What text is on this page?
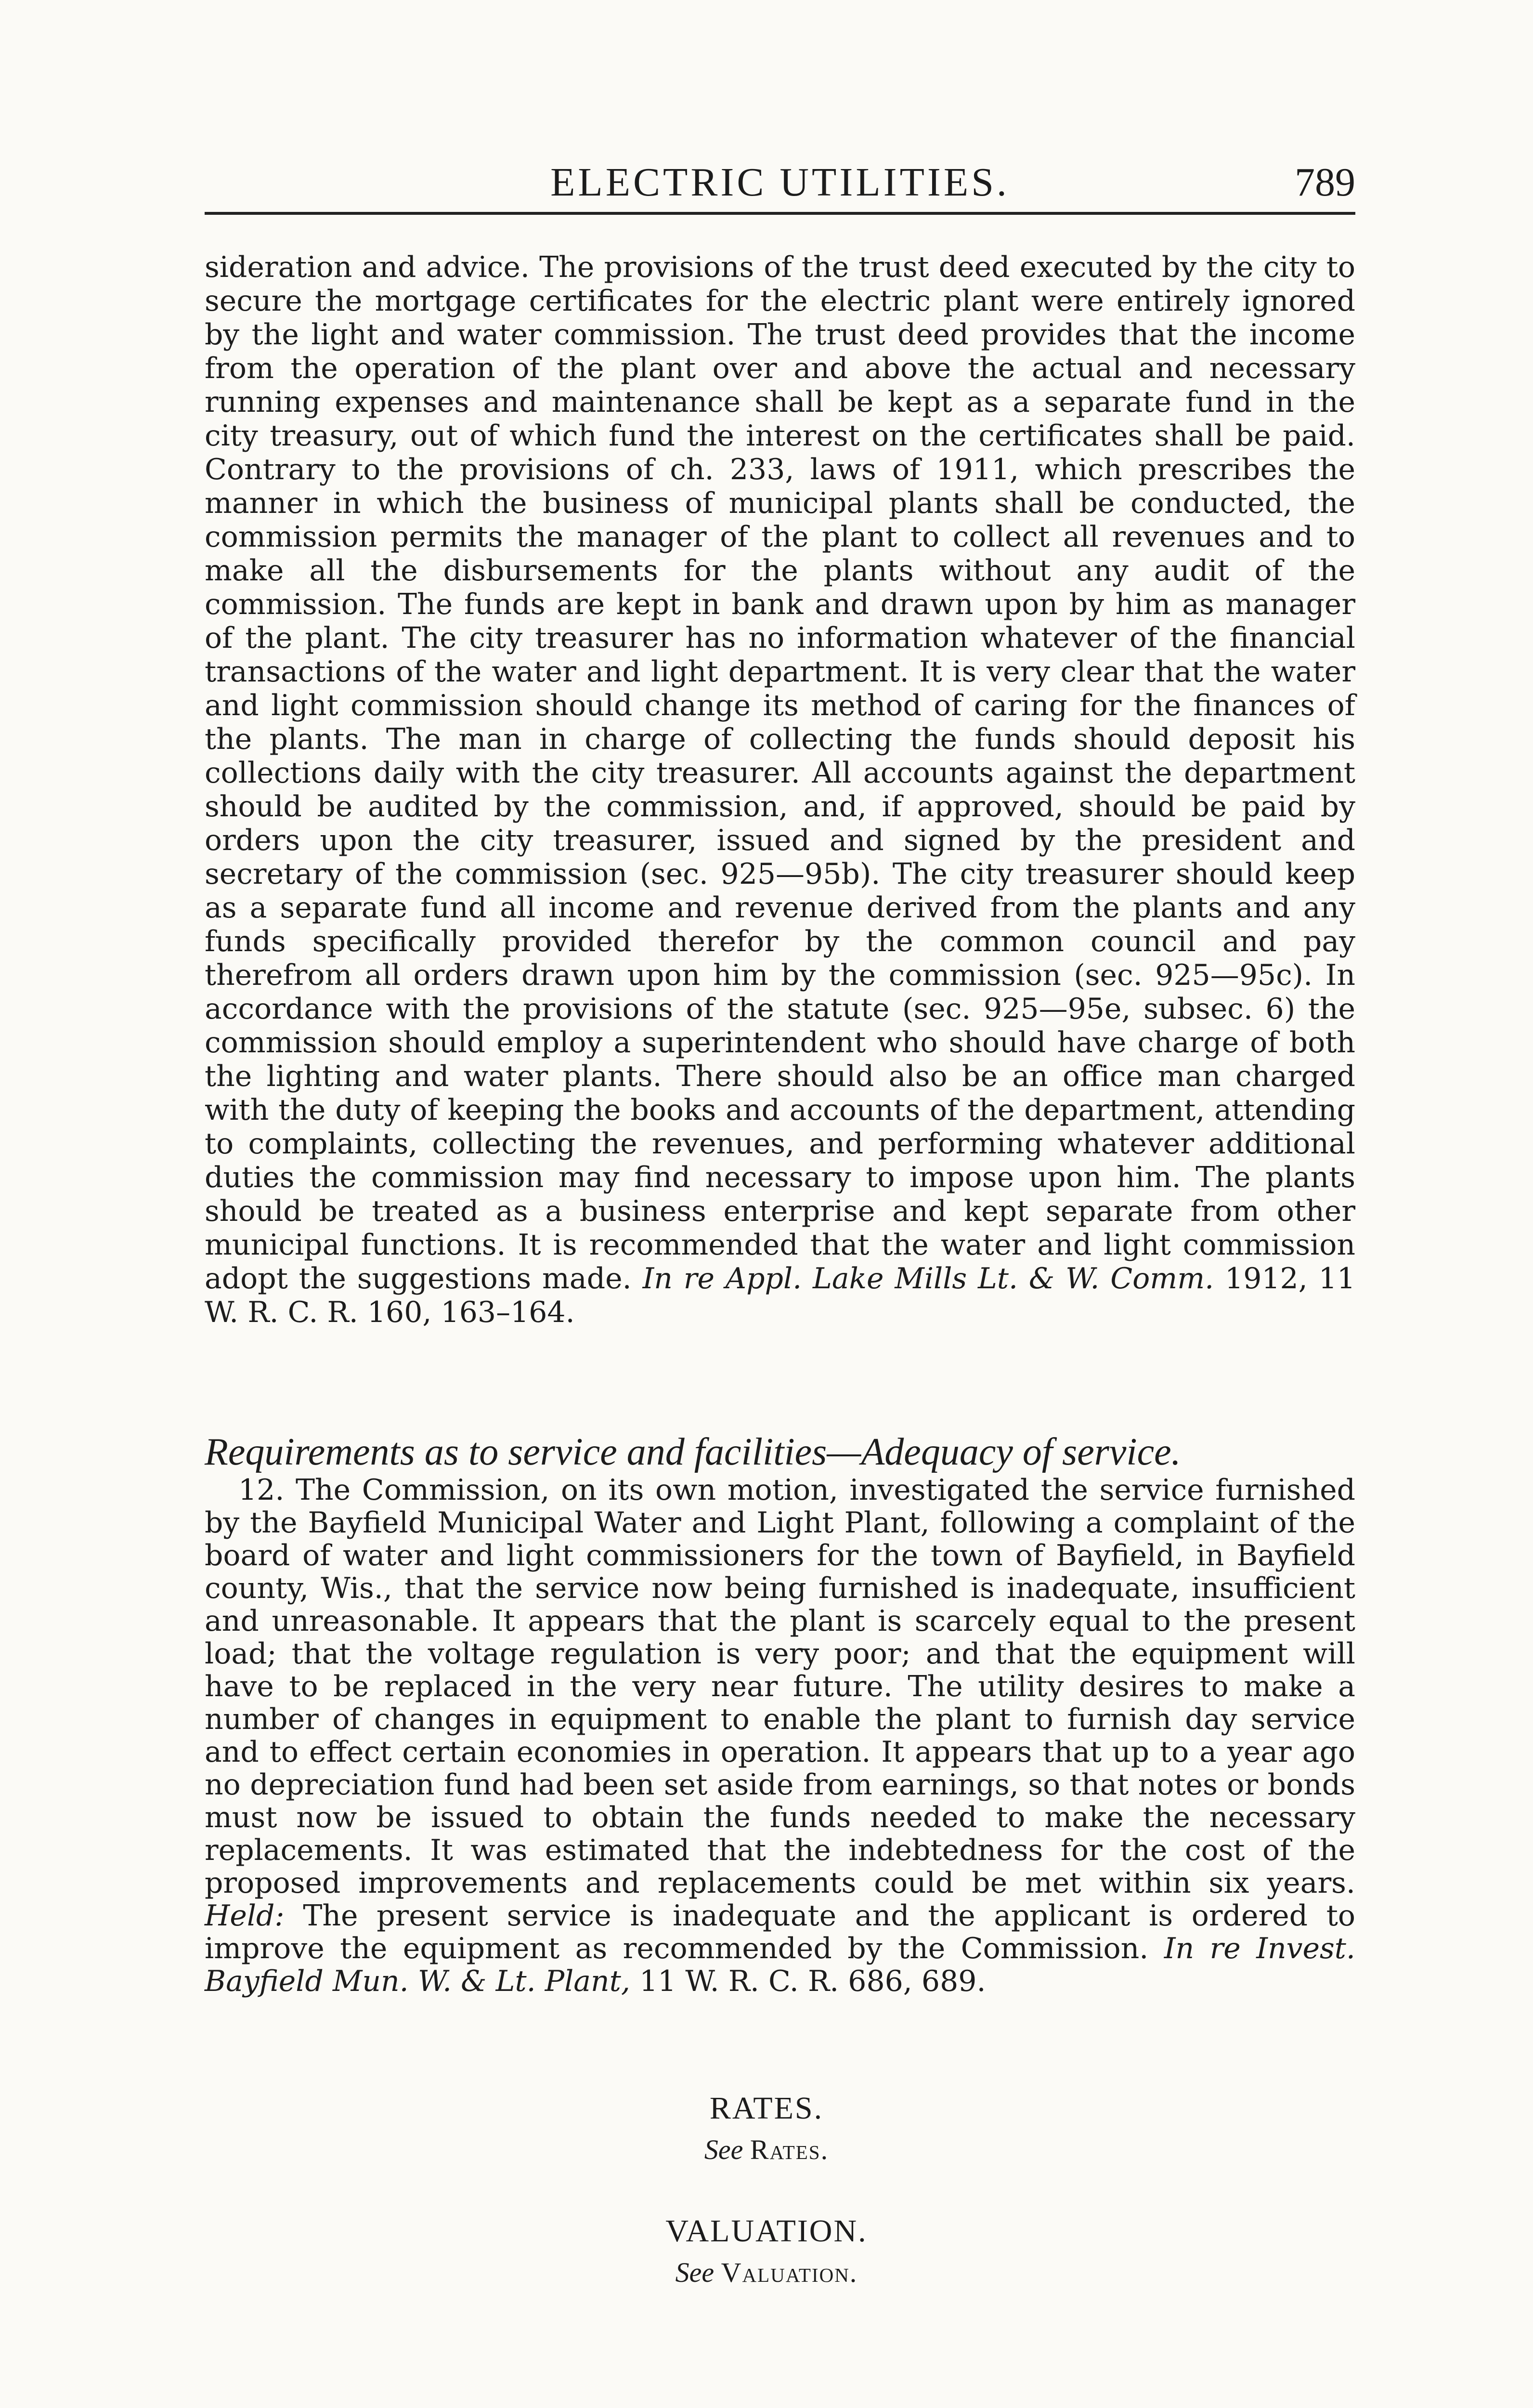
ELECTRIC UTILITIES.	789

sideration and advice. The provisions of the trust deed executed by the city to secure the mortgage certificates for the electric plant were entirely ignored by the light and water commission. The trust deed provides that the income from the operation of the plant over and above the actual and necessary running expenses and maintenance shall be kept as a separate fund in the city treasury, out of which fund the interest on the certificates shall be paid. Contrary to the provisions of ch. 233, laws of 1911, which prescribes the manner in which the business of municipal plants shall be conducted, the commission permits the manager of the plant to collect all revenues and to make all the disbursements for the plants without any audit of the commission. The funds are kept in bank and drawn upon by him as manager of the plant. The city treasurer has no information whatever of the financial transactions of the water and light department. It is very clear that the water and light commission should change its method of caring for the finances of the plants. The man in charge of collecting the funds should deposit his collections daily with the city treasurer. All accounts against the department should be audited by the commission, and, if approved, should be paid by orders upon the city treasurer, issued and signed by the president and secretary of the commission (sec. 925—95b). The city treasurer should keep as a separate fund all income and revenue derived from the plants and any funds specifically provided therefor by the common council and pay therefrom all orders drawn upon him by the commission (sec. 925—95c). In accordance with the provisions of the statute (sec. 925—95e, subsec. 6) the commission should employ a superintendent who should have charge of both the lighting and water plants. There should also be an office man charged with the duty of keeping the books and accounts of the department, attending to complaints, collecting the revenues, and performing whatever additional duties the commission may find necessary to impose upon him. The plants should be treated as a business enterprise and kept separate from other municipal functions. It is recommended that the water and light commission adopt the suggestions made. In re Appl. Lake Mills Lt. & W. Comm. 1912, 11 W. R. C. R. 160, 163–164.

Requirements as to service and facilities—Adequacy of service.

12. The Commission, on its own motion, investigated the service furnished by the Bayfield Municipal Water and Light Plant, following a complaint of the board of water and light commissioners for the town of Bayfield, in Bayfield county, Wis., that the service now being furnished is inadequate, insufficient and unreasonable. It appears that the plant is scarcely equal to the present load; that the voltage regulation is very poor; and that the equipment will have to be replaced in the very near future. The utility desires to make a number of changes in equipment to enable the plant to furnish day service and to effect certain economies in operation. It appears that up to a year ago no depreciation fund had been set aside from earnings, so that notes or bonds must now be issued to obtain the funds needed to make the necessary replacements. It was estimated that the indebtedness for the cost of the proposed improvements and replacements could be met within six years. Held: The present service is inadequate and the applicant is ordered to improve the equipment as recommended by the Commission. In re Invest. Bayfield Mun. W. & Lt. Plant, 11 W. R. C. R. 686, 689.

RATES.
See Rates.
VALUATION.
See Valuation.
